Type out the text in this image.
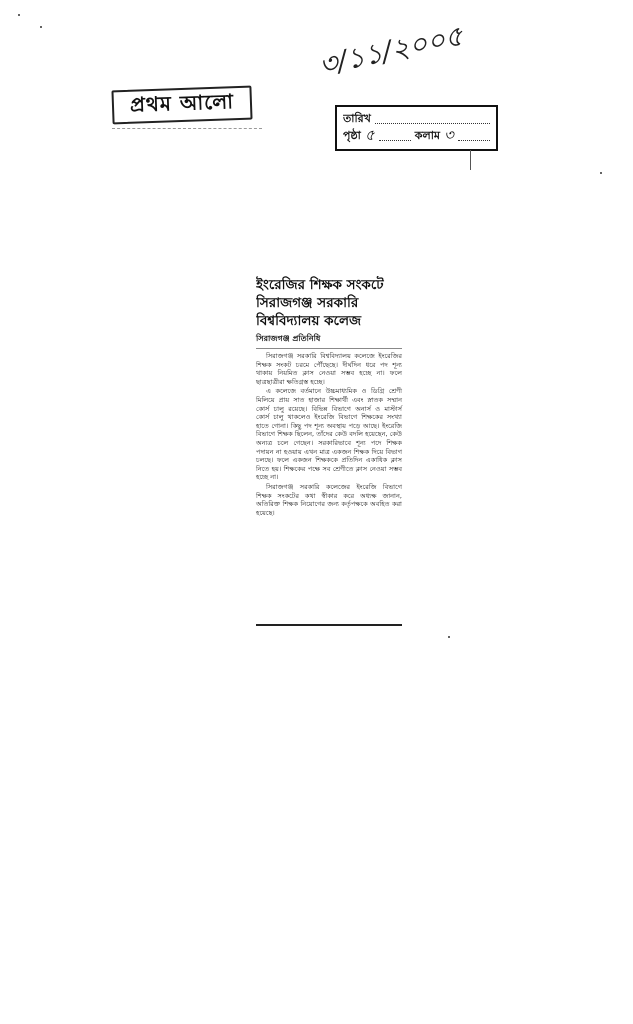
প্রথম আলো
৩/১১/২০০৫
তারিখ
পৃষ্ঠা ৫	কলাম ৩
ইংরেজির শিক্ষক সংকটে
সিরাজগঞ্জ সরকারি
বিশ্ববিদ্যালয় কলেজ
সিরাজগঞ্জ প্রতিনিধি

সিরাজগঞ্জ সরকারি বিশ্ববিদ্যালয় কলেজে ইংরেজির শিক্ষক সংকট চরমে পৌঁছেছে। দীর্ঘদিন ধরে পদ শূন্য থাকায় নিয়মিত ক্লাস নেওয়া সম্ভব হচ্ছে না। ফলে ছাত্রছাত্রীরা ক্ষতিগ্রস্ত হচ্ছে।

এ কলেজে বর্তমানে উচ্চমাধ্যমিক ও ডিগ্রি শ্রেণী মিলিয়ে প্রায় সাত হাজার শিক্ষার্থী এবং স্নাতক সম্মান কোর্স চালু রয়েছে। বিভিন্ন বিভাগে অনার্স ও মাস্টার্স কোর্স চালু থাকলেও ইংরেজি বিভাগে শিক্ষকের সংখ্যা হাতে গোনা। কিছু পদ শূন্য অবস্থায় পড়ে আছে। ইংরেজি বিভাগে শিক্ষক ছিলেন, তাঁদের কেউ বদলি হয়েছেন, কেউ অন্যত্র চলে গেছেন। সরকারিভাবে শূন্য পদে শিক্ষক পদায়ন না হওয়ায় এখন মাত্র একজন শিক্ষক দিয়ে বিভাগ চলছে। ফলে একজন শিক্ষককে প্রতিদিন একাধিক ক্লাস নিতে হয়। শিক্ষকের পক্ষে সব শ্রেণীতে ক্লাস নেওয়া সম্ভব হচ্ছে না।

সিরাজগঞ্জ সরকারি কলেজের ইংরেজি বিভাগে শিক্ষক সংকটের কথা স্বীকার করে অধ্যক্ষ জানান, অতিরিক্ত শিক্ষক নিয়োগের জন্য কর্তৃপক্ষকে অবহিত করা হয়েছে।
